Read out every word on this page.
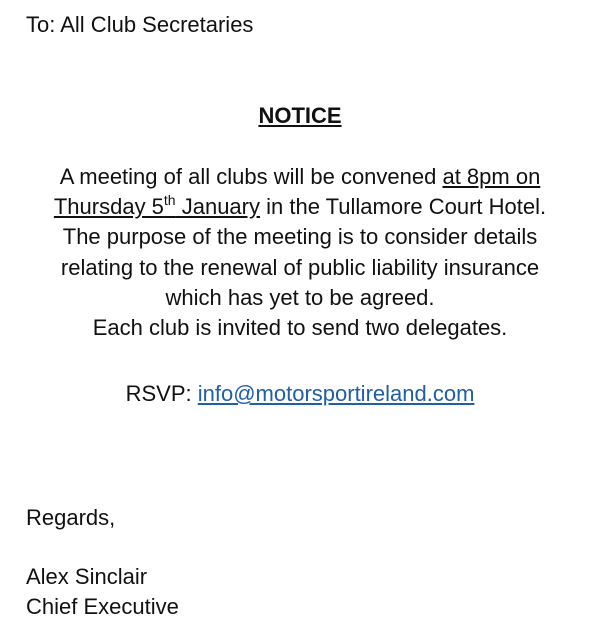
To: All Club Secretaries
NOTICE
A meeting of all clubs will be convened at 8pm on
Thursday 5th January in the Tullamore Court Hotel.
The purpose of the meeting is to consider details
relating to the renewal of public liability insurance
which has yet to be agreed.
Each club is invited to send two delegates.
RSVP: info@motorsportireland.com
Regards,
Alex Sinclair
Chief Executive
